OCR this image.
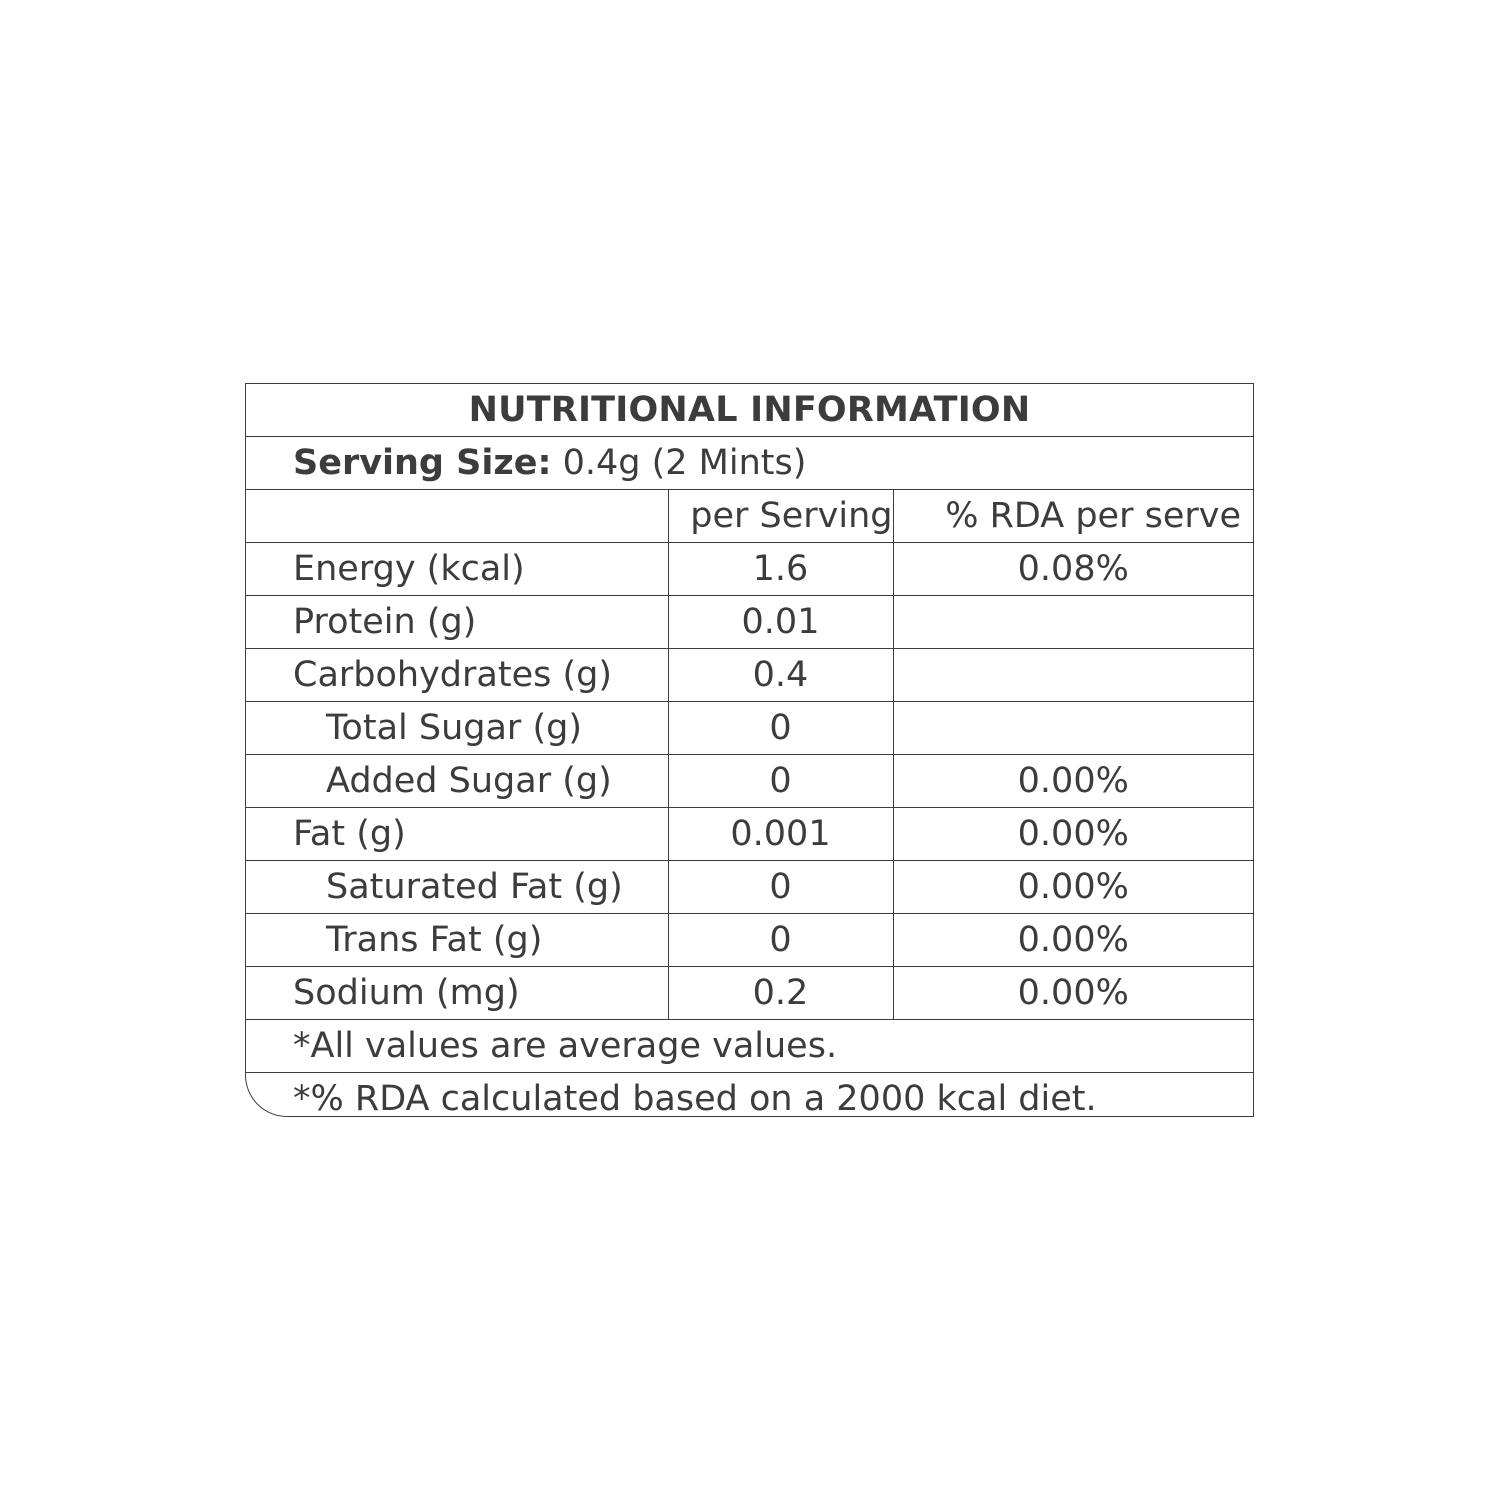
NUTRITIONAL INFORMATION		
Serving Size: 0.4g (2 Mints)		
	per Serving	% RDA per serve
Energy (kcal)	1.6	0.08%
Protein (g)	0.01	
Carbohydrates (g)	0.4	
Total Sugar (g)	0	
Added Sugar (g)	0	0.00%
Fat (g)	0.001	0.00%
Saturated Fat (g)	0	0.00%
Trans Fat (g)	0	0.00%
Sodium (mg)	0.2	0.00%
*All values are average values.		
*% RDA calculated based on a 2000 kcal diet.		
